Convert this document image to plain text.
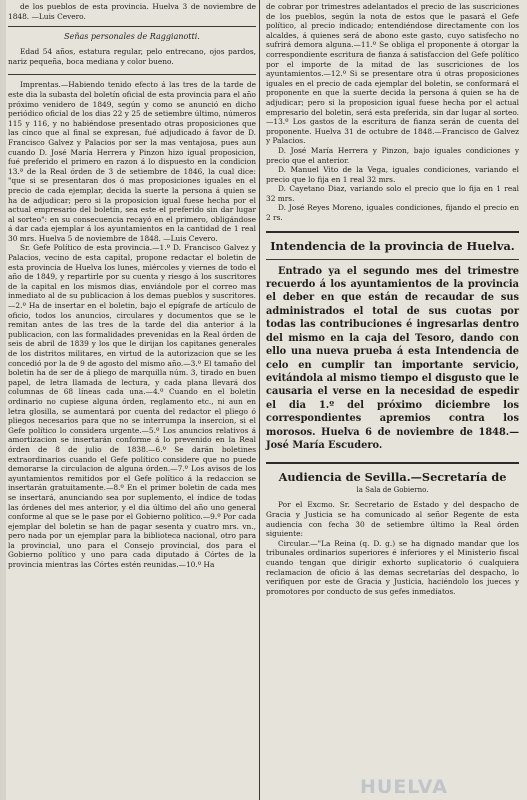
de los pueblos de esta provincia. Huelva 3 de noviembre de 1848. —Luis Cevero.

Señas personales de Raggianotti.

Edad 54 años, estatura regular, pelo entrecano, ojos pardos, nariz pequeña, boca mediana y color bueno.

Imprentas.—Habiendo tenido efecto á las tres de la tarde de este dia la subasta del boletín oficial de esta provincia para el año próximo venidero de 1849, según y como se anunció en dicho periódico oficial de los dias 22 y 25 de setiembre último, números 115 y 116, y no habiéndose presentado otras proposiciones que las cinco que al final se expresan, fué adjudicado á favor de D. Francisco Galvez y Palacios por ser la mas ventajosa, pues aun cuando D. José María Herrera y Pinzon hizo igual proposicion, fué preferido el primero en razon á lo dispuesto en la condicion 13.ª de la Real órden de 3 de setiembre de 1846, la cual dice: "que si se presentaran dos ó mas proposiciones iguales en el precio de cada ejemplar, decida la suerte la persona á quien se ha de adjudicar; pero si la proposicion igual fuese hecha por el actual empresario del boletín, sea este el preferido sin dar lugar al sorteo": en su consecuencia recayó en el primero, obligándose á dar cada ejemplar á los ayuntamientos en la cantidad de 1 real 30 mrs. Huelva 5 de noviembre de 1848. —Luis Cevero.

Sr. Gefe Político de esta provincia.—1.º D. Francisco Galvez y Palacios, vecino de esta capital, propone redactar el boletin de esta provincia de Huelva los lunes, miércoles y viernes de todo el año de 1849, y repartirle por su cuenta y riesgo á los suscritores de la capital en los mismos dias, enviándole por el correo mas inmediato al de su publicacion á los demas pueblos y suscritores.—2.º Ha de insertar en el boletin, bajo el epígrafe de artículo de oficio, todos los anuncios, circulares y documentos que se le remitan antes de las tres de la tarde del dia anterior á la publicacion, con las formalidades prevenidas en la Real órden de seis de abril de 1839 y los que le dirijan los capitanes generales de los distritos militares, en virtud de la autorizacion que se les concedió por la de 9 de agosto del mismo año.—3.º El tamaño del boletin ha de ser de á pliego de marquilla núm. 3, tirado en buen papel, de letra llamada de lectura, y cada plana llevará dos columnas de 68 líneas cada una.—4.º Cuando en el boletin ordinario no cupiese alguna órden, reglamento etc., ni aun en letra glosilla, se aumentará por cuenta del redactor el pliego ó pliegos necesarios para que no se interrumpa la insercion, si el Gefe político lo considera urgente.—5.º Los anuncios relativos á amortizacion se insertarán conforme á lo prevenido en la Real órden de 8 de julio de 1838.—6.º Se darán boletines extraordinarios cuando el Gefe político considere que no puede demorarse la circulacion de alguna órden.—7.º Los avisos de los ayuntamientos remitidos por el Gefe político á la redaccion se insertarán gratuitamente.—8.º En el primer boletin de cada mes se insertará, anunciando sea por suplemento, el índice de todas las órdenes del mes anterior, y el dia último del año uno general conforme al que se le pase por el Gobierno político.—9.º Por cada ejemplar del boletin se han de pagar sesenta y cuatro mrs. vn., pero nada por un ejemplar para la biblioteca nacional, otro para la provincial, uno para el Consejo provincial, dos para el Gobierno político y uno para cada diputado á Córtes de la provincia mientras las Córtes estén reunidas.—10.º Ha

de cobrar por trimestres adelantados el precio de las suscriciones de los pueblos, según la nota de estos que le pasará el Gefe político, al precio indicado; entendiéndose directamente con los alcaldes, á quienes será de abono este gasto, cuyo satisfecho no sufrirá demora alguna.—11.º Se obliga el proponente á otorgar la correspondiente escritura de fianza á satisfaccion del Gefe político por el importe de la mitad de las suscriciones de los ayuntamientos.—12.º Si se presentare otra ú otras proposiciones iguales en el precio de cada ejemplar del boletin, se conformará el proponente en que la suerte decida la persona á quien se ha de adjudicar; pero si la proposicion igual fuese hecha por el actual empresario del boletin, será esta preferida, sin dar lugar al sorteo.—13.º Los gastos de la escritura de fianza serán de cuenta del proponente. Huelva 31 de octubre de 1848.—Francisco de Galvez y Palacios.

D. José María Herrera y Pinzon, bajo iguales condiciones y precio que el anterior.

D. Manuel Vito de la Vega, iguales condiciones, variando el precio que lo fija en 1 real 32 mrs.

D. Cayetano Diaz, variando solo el precio que lo fija en 1 real 32 mrs.

D. José Reyes Moreno, iguales condiciones, fijando el precio en 2 rs.

Intendencia de la provincia de Huelva.

Entrado ya el segundo mes del trimestre recuerdo á los ayuntamientos de la provincia el deber en que están de recaudar de sus administrados el total de sus cuotas por todas las contribuciones é ingresarlas dentro del mismo en la caja del Tesoro, dando con ello una nueva prueba á esta Intendencia de celo en cumplir tan importante servicio, evitándola al mismo tiempo el disgusto que le causaria el verse en la necesidad de espedir el dia 1.º del próximo diciembre los correspondientes apremios contra los morosos. Huelva 6 de noviembre de 1848.—José María Escudero.

Audiencia de Sevilla.—Secretaría de
la Sala de Gobierno.

Por el Excmo. Sr. Secretario de Estado y del despacho de Gracia y Justicia se ha comunicado al señor Regente de esta audiencia con fecha 30 de setiembre último la Real órden siguiente:

Circular.—"La Reina (q. D. g.) se ha dignado mandar que los tribunales ordinarios superiores é inferiores y el Ministerio fiscal cuando tengan que dirigir exhorto suplicatorio ó cualquiera reclamacion de oficio á las demas secretarías del despacho, lo verifiquen por este de Gracia y Justicia, haciéndolo los jueces y promotores por conducto de sus gefes inmediatos.

HUELVA
